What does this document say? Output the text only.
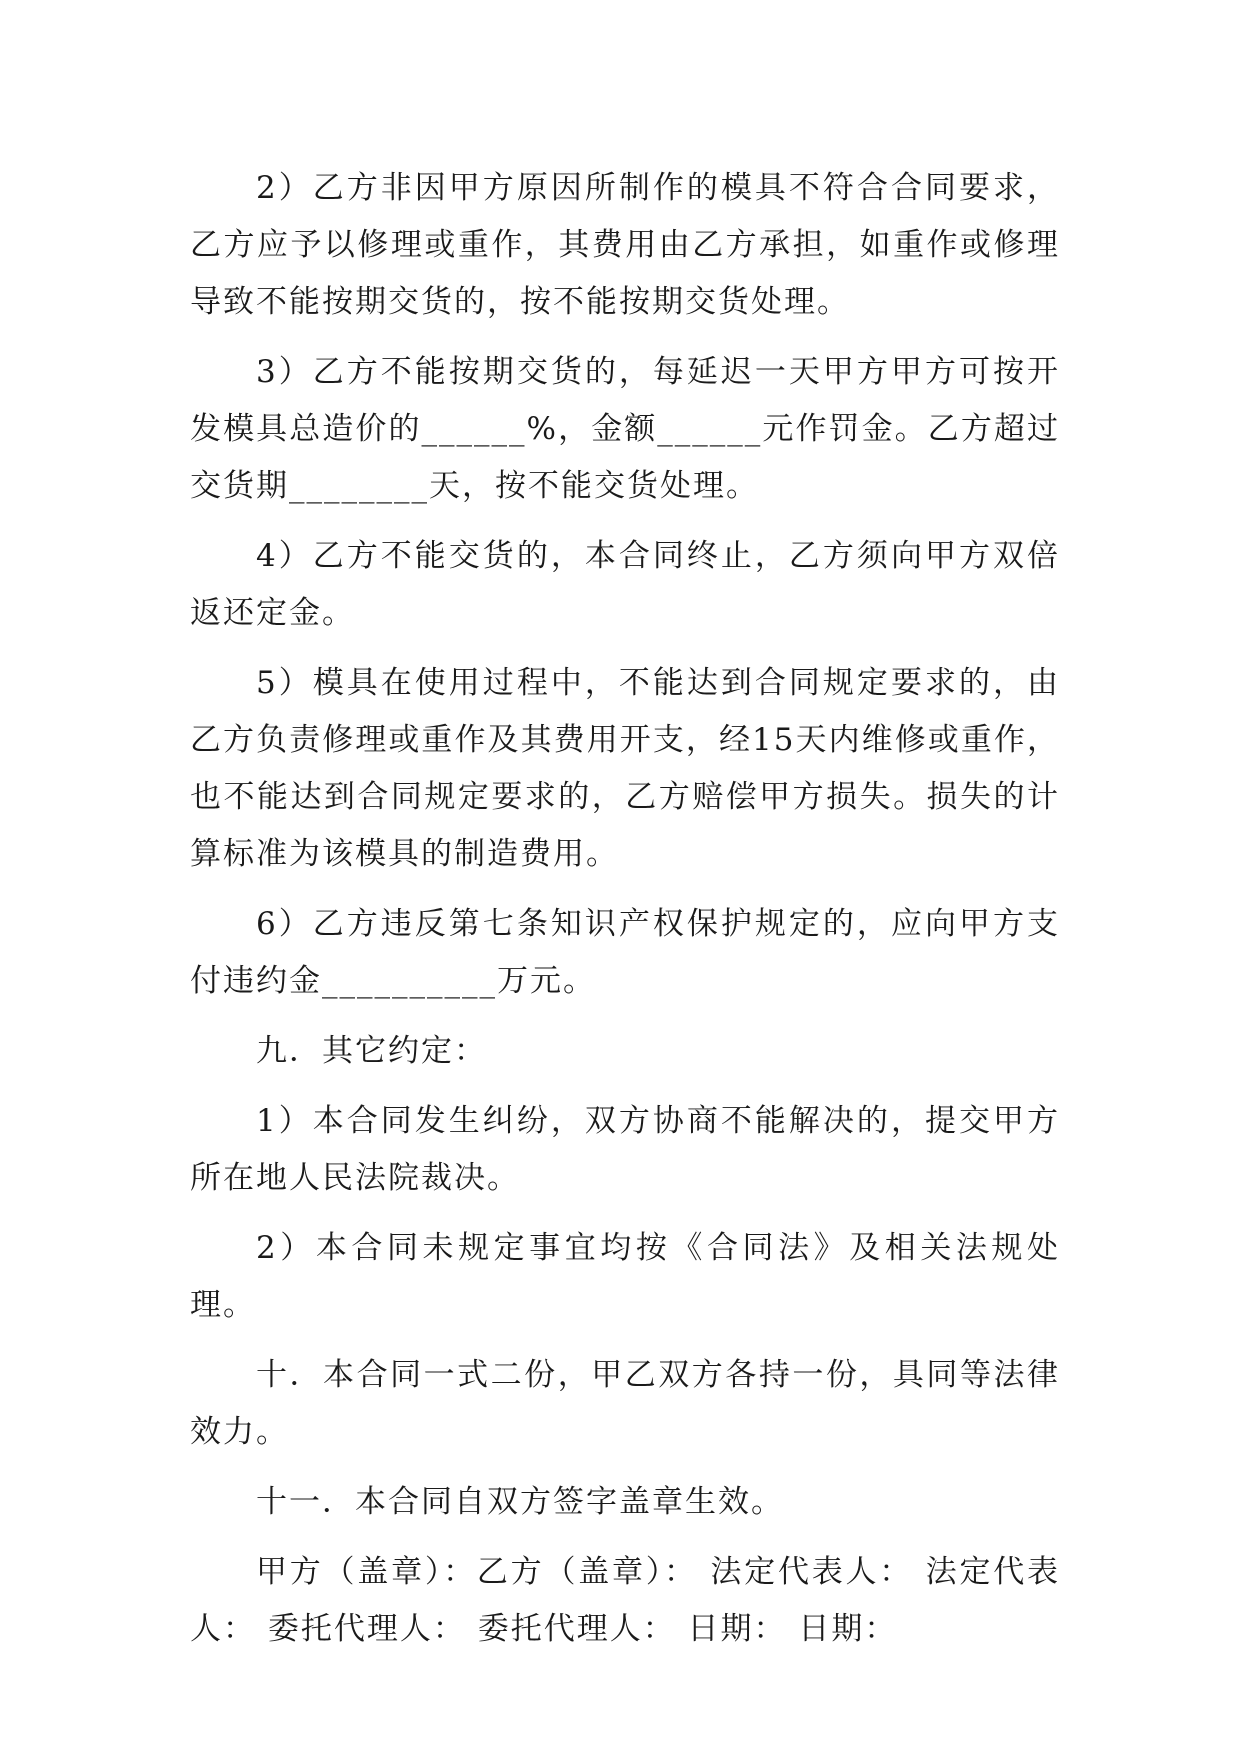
2）乙方非因甲方原因所制作的模具不符合合同要求，乙方应予以修理或重作，其费用由乙方承担，如重作或修理导致不能按期交货的，按不能按期交货处理。

3）乙方不能按期交货的，每延迟一天甲方甲方可按开发模具总造价的______%，金额______元作罚金。乙方超过交货期________天，按不能交货处理。

4）乙方不能交货的，本合同终止，乙方须向甲方双倍返还定金。

5）模具在使用过程中，不能达到合同规定要求的，由乙方负责修理或重作及其费用开支，经15天内维修或重作，也不能达到合同规定要求的，乙方赔偿甲方损失。损失的计算标准为该模具的制造费用。

6）乙方违反第七条知识产权保护规定的，应向甲方支付违约金__________万元。

九．其它约定：

1）本合同发生纠纷，双方协商不能解决的，提交甲方所在地人民法院裁决。

2）本合同未规定事宜均按《合同法》及相关法规处理。

十．本合同一式二份，甲乙双方各持一份，具同等法律效力。

十一．本合同自双方签字盖章生效。

甲方（盖章）：乙方（盖章）： 法定代表人： 法定代表人： 委托代理人： 委托代理人： 日期： 日期：
